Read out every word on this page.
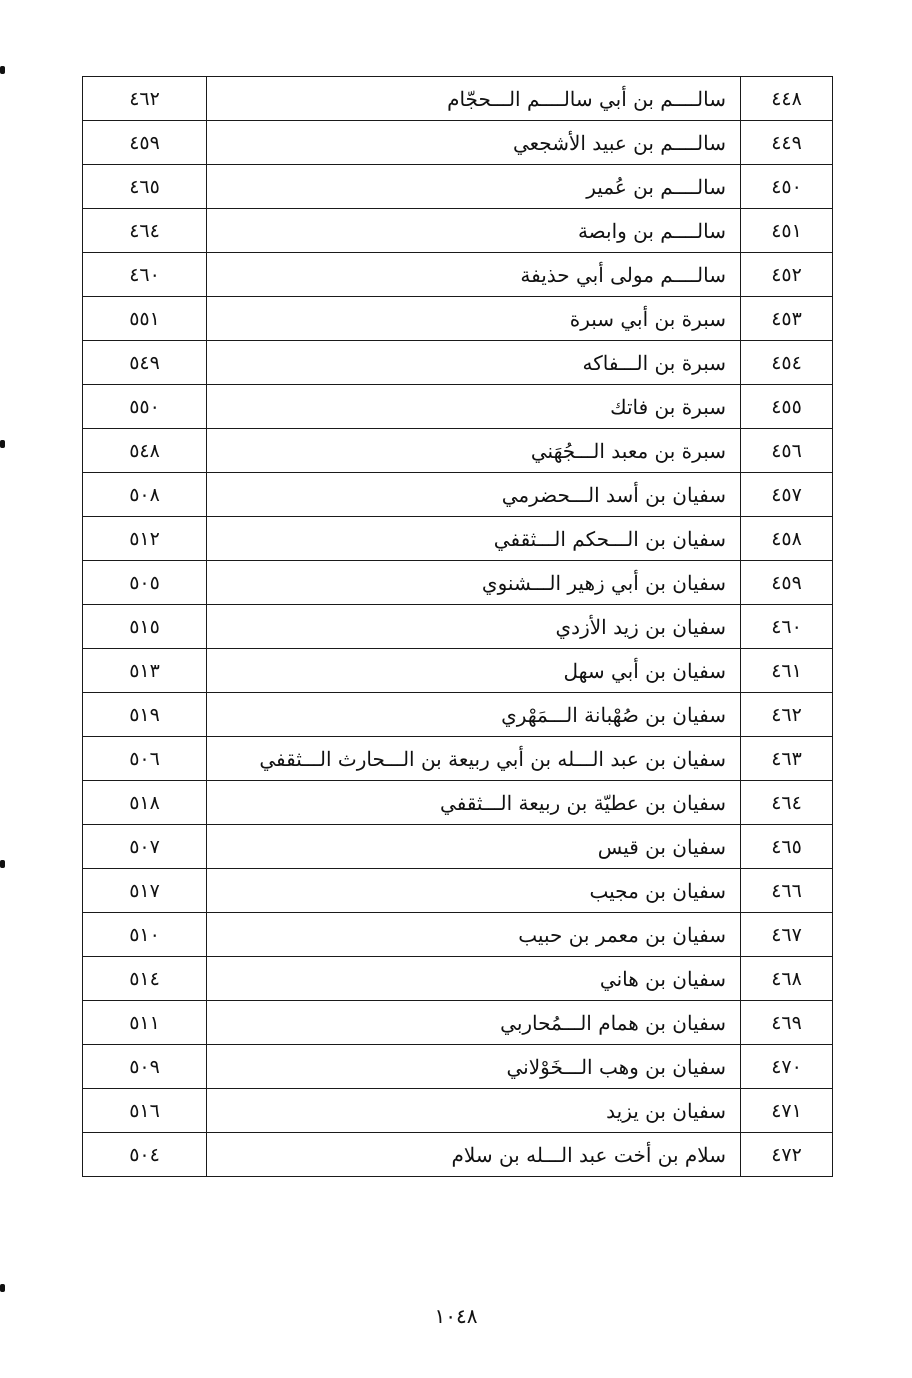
٤٤٨	سالــــم بن أبي سالــــم الـــحجّام	٤٦٢
٤٤٩	سالــــم بن عبيد الأشجعي	٤٥٩
٤٥٠	سالــــم بن عُمير	٤٦٥
٤٥١	سالــــم بن وابصة	٤٦٤
٤٥٢	سالــــم مولى أبي حذيفة	٤٦٠
٤٥٣	سبرة بن أبي سبرة	٥٥١
٤٥٤	سبرة بن الـــفاكه	٥٤٩
٤٥٥	سبرة بن فاتك	٥٥٠
٤٥٦	سبرة بن معبد الـــجُهَني	٥٤٨
٤٥٧	سفيان بن أسد الـــحضرمي	٥٠٨
٤٥٨	سفيان بن الـــحكم الـــثقفي	٥١٢
٤٥٩	سفيان بن أبي زهير الـــشنوي	٥٠٥
٤٦٠	سفيان بن زيد الأزدي	٥١٥
٤٦١	سفيان بن أبي سهل	٥١٣
٤٦٢	سفيان بن صُهْبانة الـــمَهْري	٥١٩
٤٦٣	سفيان بن عبد الـــله بن أبي ربيعة بن الـــحارث الـــثقفي	٥٠٦
٤٦٤	سفيان بن عطيّة بن ربيعة الـــثقفي	٥١٨
٤٦٥	سفيان بن قيس	٥٠٧
٤٦٦	سفيان بن مجيب	٥١٧
٤٦٧	سفيان بن معمر بن حبيب	٥١٠
٤٦٨	سفيان بن هاني	٥١٤
٤٦٩	سفيان بن همام الـــمُحاربي	٥١١
٤٧٠	سفيان بن وهب الـــخَوْلاني	٥٠٩
٤٧١	سفيان بن يزيد	٥١٦
٤٧٢	سلام بن أخت عبد الـــله بن سلام	٥٠٤
١٠٤٨
